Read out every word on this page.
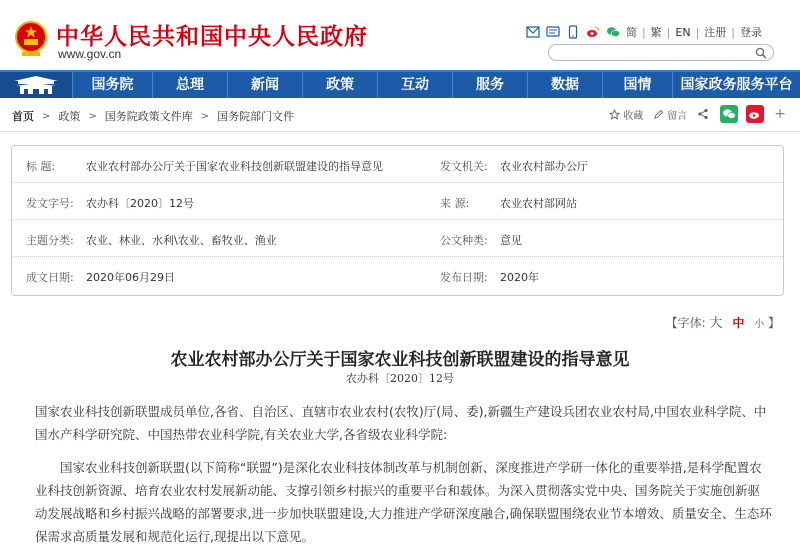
中华人民共和国中央人民政府
www.gov.cn
简 | 繁 | EN | 注册 | 登录
国务院	总理	新闻	政策	互动	服务	数据	国情	国家政务服务平台
首页 > 政策 > 国务院政策文件库 > 国务院部门文件	收藏 留言	+
标 题:	农业农村部办公厅关于国家农业科技创新联盟建设的指导意见	发文机关: 农业农村部办公厅
发文字号: 农办科〔2020〕12号	来 源:	农业农村部网站
主题分类: 农业、林业、水利\农业、畜牧业、渔业	公文种类: 意见
成文日期: 2020年06月29日	发布日期: 2020年
【字体: 大 中 小 】
农业农村部办公厅关于国家农业科技创新联盟建设的指导意见
农办科〔2020〕12号

国家农业科技创新联盟成员单位,各省、自治区、直辖市农业农村(农牧)厅(局、委),新疆生产建设兵团农业农村局,中国农业科学院、中国水产科学研究院、中国热带农业科学院,有关农业大学,各省级农业科学院:

国家农业科技创新联盟(以下简称“联盟”)是深化农业科技体制改革与机制创新、深度推进产学研一体化的重要举措,是科学配置农业科技创新资源、培育农业农村发展新动能、支撑引领乡村振兴的重要平台和载体。为深入贯彻落实党中央、国务院关于实施创新驱动发展战略和乡村振兴战略的部署要求,进一步加快联盟建设,大力推进产学研深度融合,确保联盟围绕农业节本增效、质量安全、生态环保需求高质量发展和规范化运行,现提出以下意见。
